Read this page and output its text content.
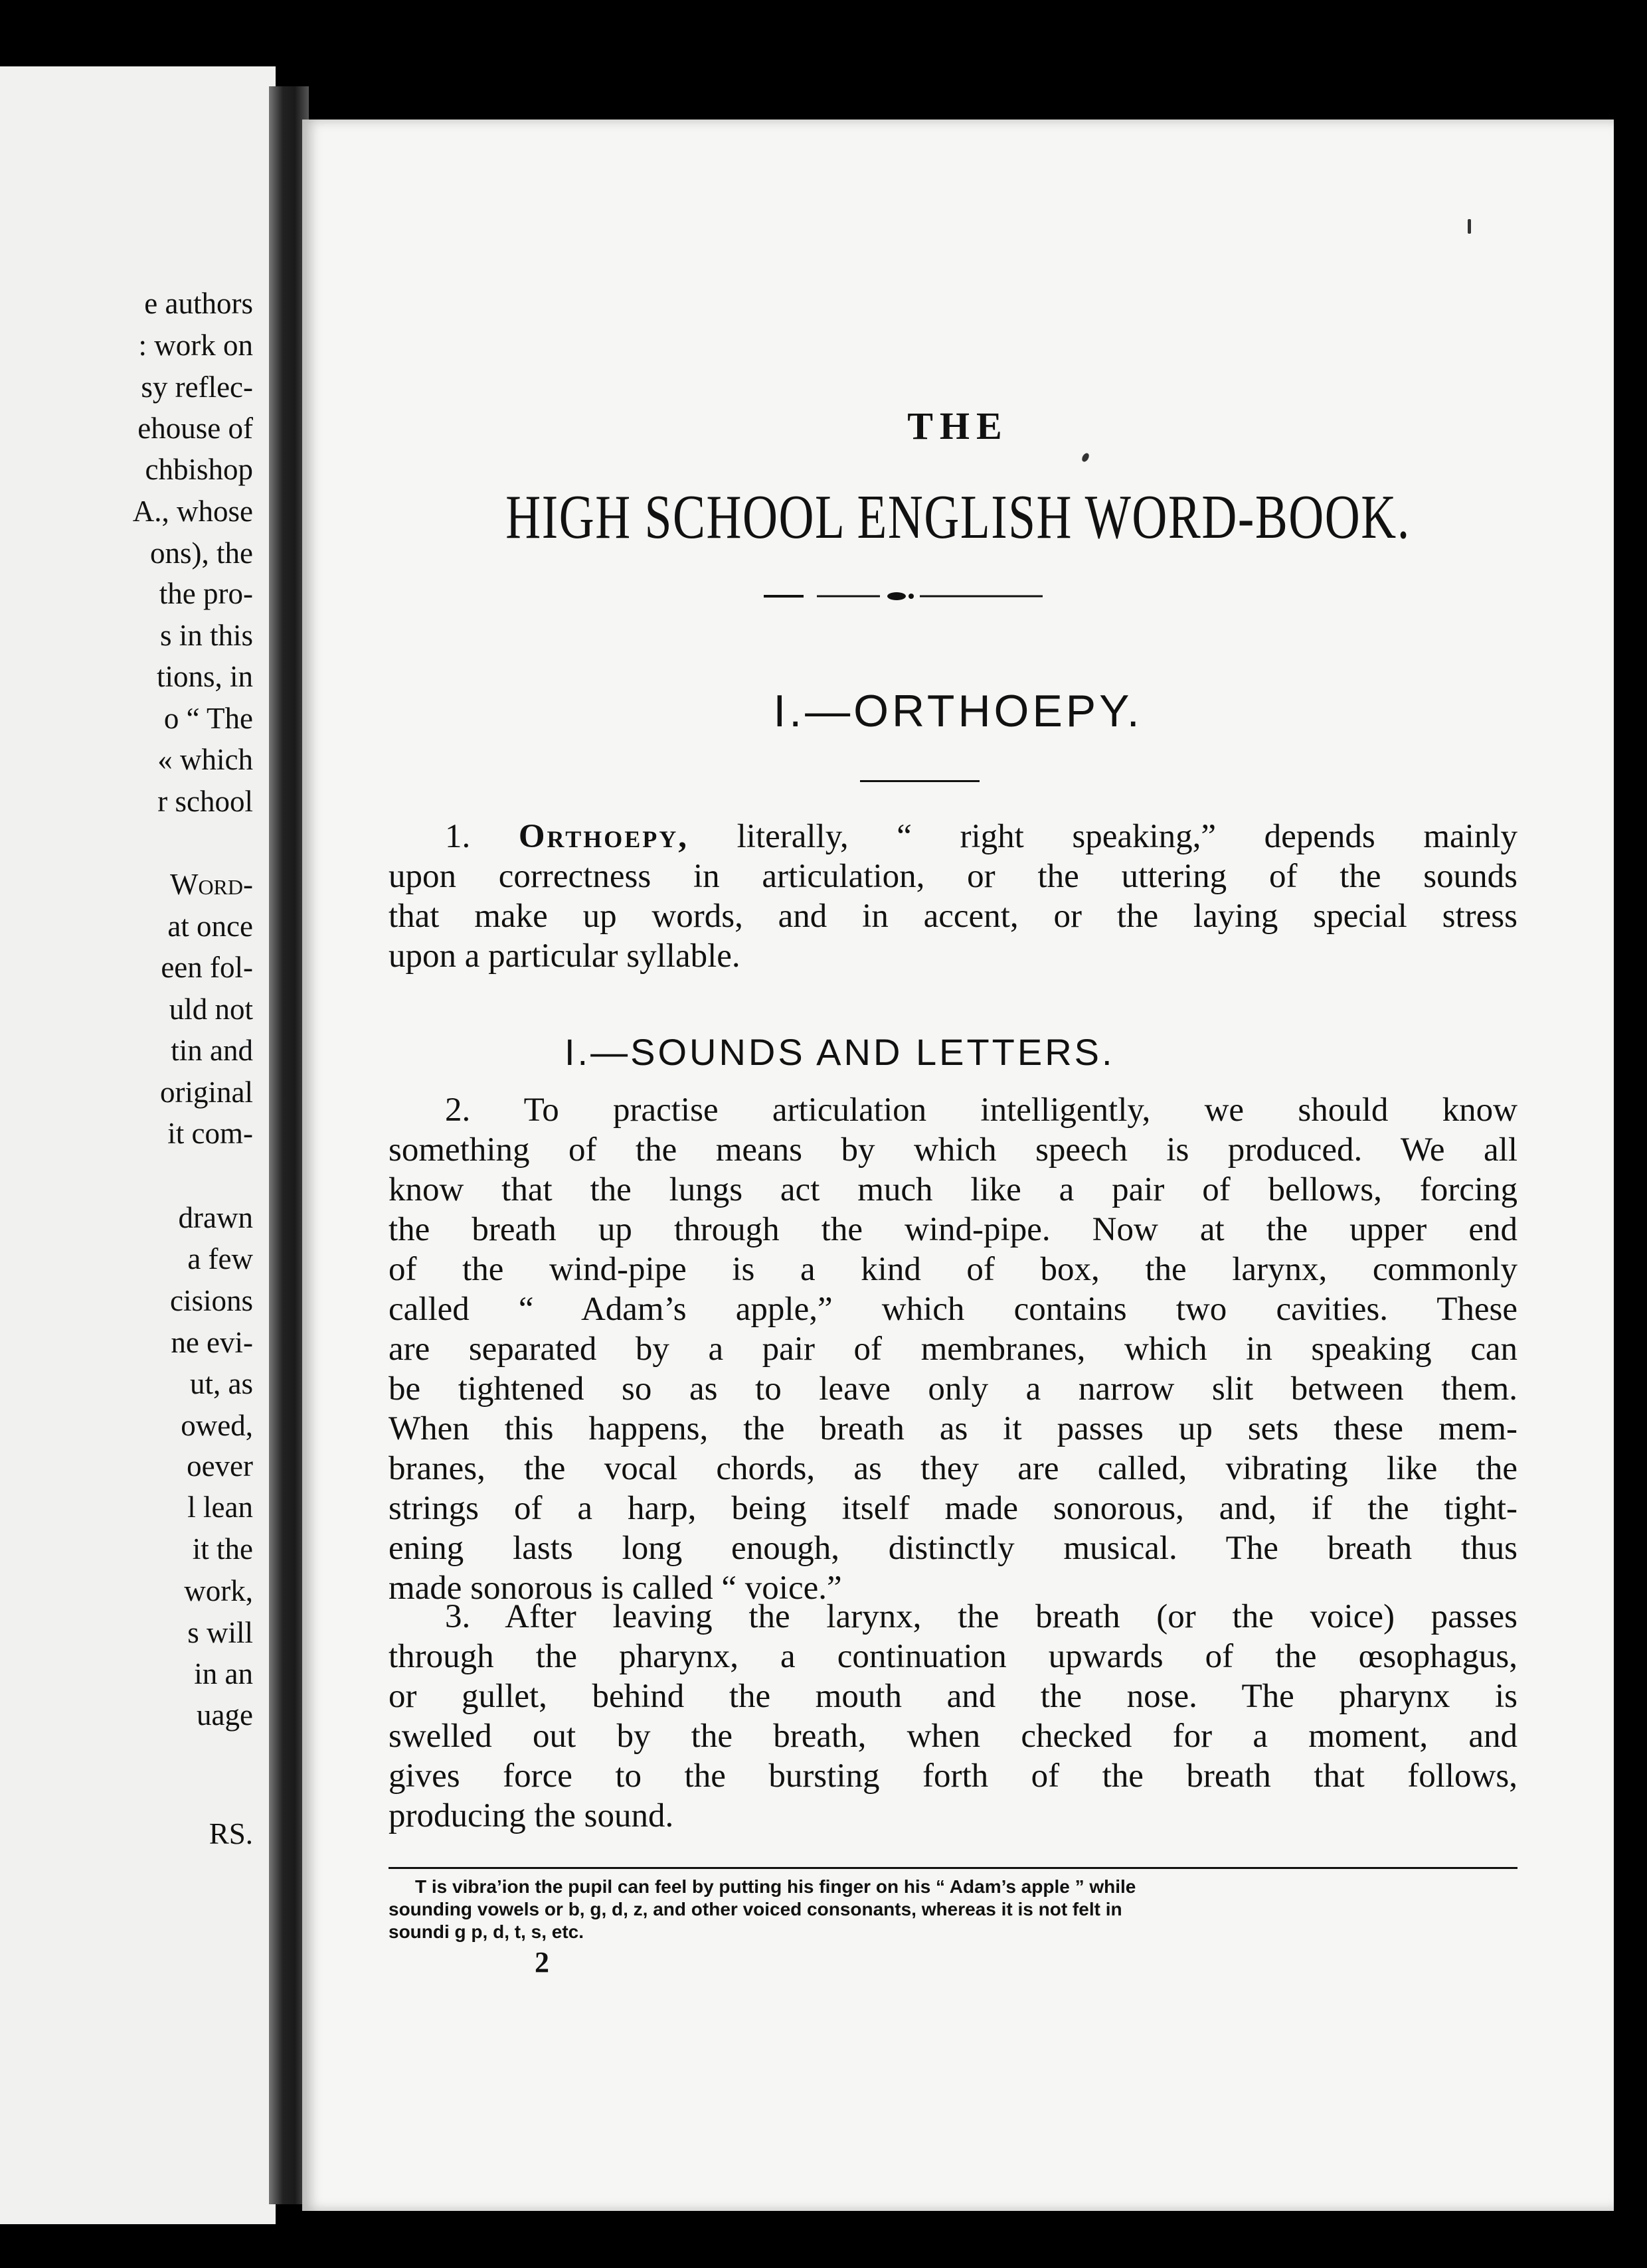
e authors
: work on
sy reflec-
ehouse of
chbishop
A., whose
ons), the
the pro-
s in this
tions, in
o “ The
« which
r school
Word-
at once
een fol-
uld not
tin and
original
it com-
drawn
a few
cisions
ne evi-
ut, as
owed,
oever
l lean
it the
work,
s will
in an
uage
RS.
THE
HIGH SCHOOL ENGLISH WORD-BOOK.
I.—ORTHOEPY.
1. Orthoepy, literally, “ right speaking,” depends mainly
upon correctness in articulation, or the uttering of the sounds
that make up words, and in accent, or the laying special stress
upon a particular syllable.
I.—SOUNDS AND LETTERS.
2. To practise articulation intelligently, we should know
something of the means by which speech is produced. We all
know that the lungs act much like a pair of bellows, forcing
the breath up through the wind-pipe. Now at the upper end
of the wind-pipe is a kind of box, the larynx, commonly
called “ Adam’s apple,” which contains two cavities. These
are separated by a pair of membranes, which in speaking can
be tightened so as to leave only a narrow slit between them.
When this happens, the breath as it passes up sets these mem-
branes, the vocal chords, as they are called, vibrating like the
strings of a harp, being itself made sonorous, and, if the tight-
ening lasts long enough, distinctly musical. The breath thus
made sonorous is called “ voice.”
3. After leaving the larynx, the breath (or the voice) passes
through the pharynx, a continuation upwards of the œsophagus,
or gullet, behind the mouth and the nose. The pharynx is
swelled out by the breath, when checked for a moment, and
gives force to the bursting forth of the breath that follows,
producing the sound.
T is vibra’ion the pupil can feel by putting his finger on his “ Adam’s apple ” while
sounding vowels or b, g, d, z, and other voiced consonants, whereas it is not felt in
soundi g p, d, t, s, etc.
2
